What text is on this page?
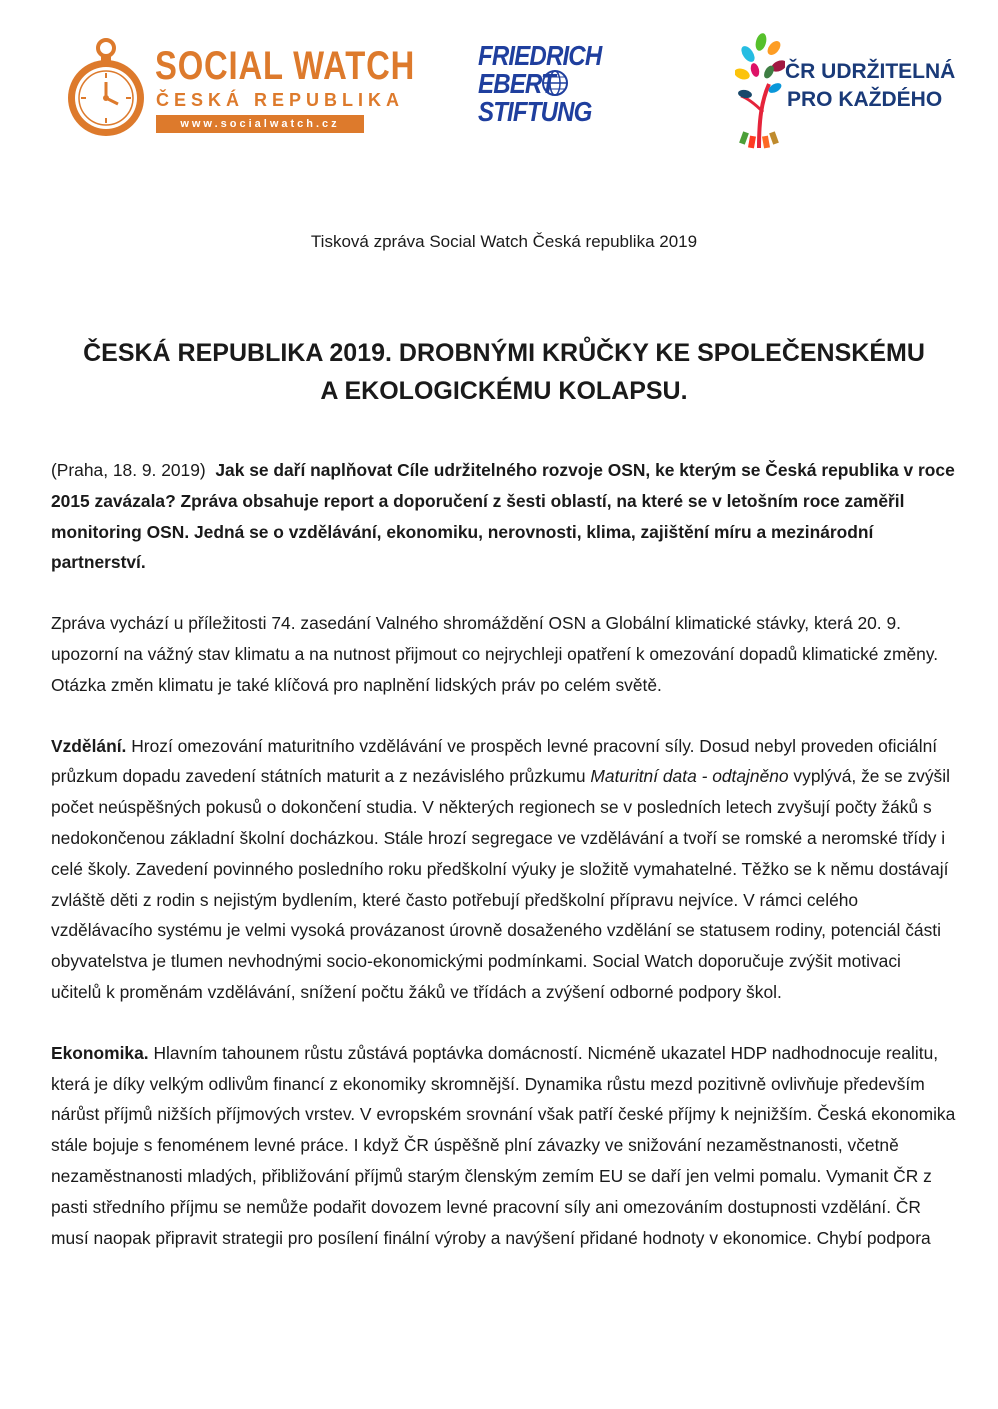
SOCIAL WATCH
ČESKÁ REPUBLIKA
www.socialwatch.cz
FRIEDRICH
EBERT
STIFTUNG
ČR UDRŽITELNÁ
PRO KAŽDÉHO
Tisková zpráva Social Watch Česká republika 2019
ČESKÁ REPUBLIKA 2019. DROBNÝMI KRŮČKY KE SPOLEČENSKÉMU
A EKOLOGICKÉMU KOLAPSU.

(Praha, 18. 9. 2019) Jak se daří naplňovat Cíle udržitelného rozvoje OSN, ke kterým se Česká republika v roce 2015 zavázala? Zpráva obsahuje report a doporučení z šesti oblastí, na které se v letošním roce zaměřil monitoring OSN. Jedná se o vzdělávání, ekonomiku, nerovnosti, klima, zajištění míru a mezinárodní partnerství.

Zpráva vychází u příležitosti 74. zasedání Valného shromáždění OSN a Globální klimatické stávky, která 20. 9. upozorní na vážný stav klimatu a na nutnost přijmout co nejrychleji opatření k omezování dopadů klimatické změny. Otázka změn klimatu je také klíčová pro naplnění lidských práv po celém světě.

Vzdělání. Hrozí omezování maturitního vzdělávání ve prospěch levné pracovní síly. Dosud nebyl proveden oficiální průzkum dopadu zavedení státních maturit a z nezávislého průzkumu Maturitní data - odtajněno vyplývá, že se zvýšil počet neúspěšných pokusů o dokončení studia. V některých regionech se v posledních letech zvyšují počty žáků s nedokončenou základní školní docházkou. Stále hrozí segregace ve vzdělávání a tvoří se romské a neromské třídy i celé školy. Zavedení povinného posledního roku předškolní výuky je složitě vymahatelné. Těžko se k němu dostávají zvláště děti z rodin s nejistým bydlením, které často potřebují předškolní přípravu nejvíce. V rámci celého vzdělávacího systému je velmi vysoká provázanost úrovně dosaženého vzdělání se statusem rodiny, potenciál části obyvatelstva je tlumen nevhodnými socio-ekonomickými podmínkami. Social Watch doporučuje zvýšit motivaci učitelů k proměnám vzdělávání, snížení počtu žáků ve třídách a zvýšení odborné podpory škol.

Ekonomika. Hlavním tahounem růstu zůstává poptávka domácností. Nicméně ukazatel HDP nadhodnocuje realitu, která je díky velkým odlivům financí z ekonomiky skromnější. Dynamika růstu mezd pozitivně ovlivňuje především nárůst příjmů nižších příjmových vrstev. V evropském srovnání však patří české příjmy k nejnižším. Česká ekonomika stále bojuje s fenoménem levné práce. I když ČR úspěšně plní závazky ve snižování nezaměstnanosti, včetně nezaměstnanosti mladých, přibližování příjmů starým členským zemím EU se daří jen velmi pomalu. Vymanit ČR z pasti středního příjmu se nemůže podařit dovozem levné pracovní síly ani omezováním dostupnosti vzdělání. ČR musí naopak připravit strategii pro posílení finální výroby a navýšení přidané hodnoty v ekonomice. Chybí podpora
